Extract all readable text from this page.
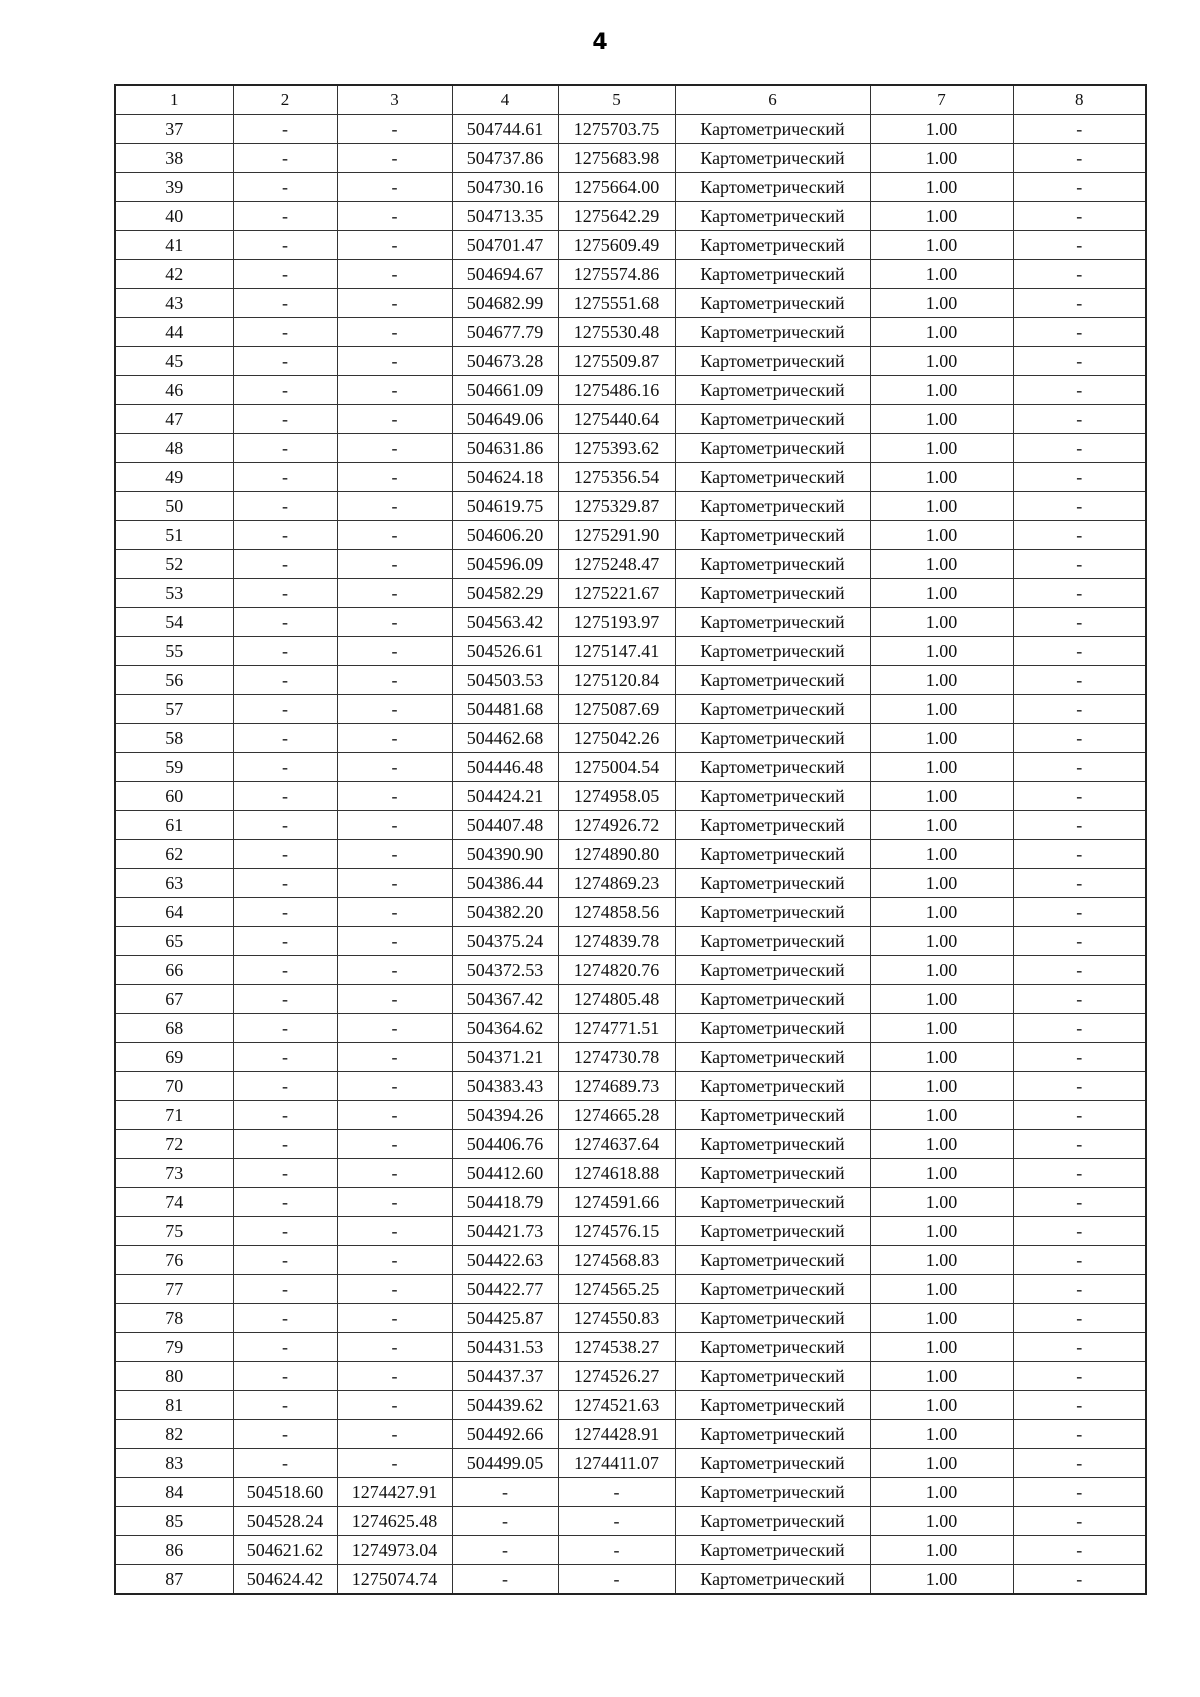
4
1	2	3	4	5	6	7	8
37	-	-	504744.61	1275703.75	Картометрический	1.00	-
38	-	-	504737.86	1275683.98	Картометрический	1.00	-
39	-	-	504730.16	1275664.00	Картометрический	1.00	-
40	-	-	504713.35	1275642.29	Картометрический	1.00	-
41	-	-	504701.47	1275609.49	Картометрический	1.00	-
42	-	-	504694.67	1275574.86	Картометрический	1.00	-
43	-	-	504682.99	1275551.68	Картометрический	1.00	-
44	-	-	504677.79	1275530.48	Картометрический	1.00	-
45	-	-	504673.28	1275509.87	Картометрический	1.00	-
46	-	-	504661.09	1275486.16	Картометрический	1.00	-
47	-	-	504649.06	1275440.64	Картометрический	1.00	-
48	-	-	504631.86	1275393.62	Картометрический	1.00	-
49	-	-	504624.18	1275356.54	Картометрический	1.00	-
50	-	-	504619.75	1275329.87	Картометрический	1.00	-
51	-	-	504606.20	1275291.90	Картометрический	1.00	-
52	-	-	504596.09	1275248.47	Картометрический	1.00	-
53	-	-	504582.29	1275221.67	Картометрический	1.00	-
54	-	-	504563.42	1275193.97	Картометрический	1.00	-
55	-	-	504526.61	1275147.41	Картометрический	1.00	-
56	-	-	504503.53	1275120.84	Картометрический	1.00	-
57	-	-	504481.68	1275087.69	Картометрический	1.00	-
58	-	-	504462.68	1275042.26	Картометрический	1.00	-
59	-	-	504446.48	1275004.54	Картометрический	1.00	-
60	-	-	504424.21	1274958.05	Картометрический	1.00	-
61	-	-	504407.48	1274926.72	Картометрический	1.00	-
62	-	-	504390.90	1274890.80	Картометрический	1.00	-
63	-	-	504386.44	1274869.23	Картометрический	1.00	-
64	-	-	504382.20	1274858.56	Картометрический	1.00	-
65	-	-	504375.24	1274839.78	Картометрический	1.00	-
66	-	-	504372.53	1274820.76	Картометрический	1.00	-
67	-	-	504367.42	1274805.48	Картометрический	1.00	-
68	-	-	504364.62	1274771.51	Картометрический	1.00	-
69	-	-	504371.21	1274730.78	Картометрический	1.00	-
70	-	-	504383.43	1274689.73	Картометрический	1.00	-
71	-	-	504394.26	1274665.28	Картометрический	1.00	-
72	-	-	504406.76	1274637.64	Картометрический	1.00	-
73	-	-	504412.60	1274618.88	Картометрический	1.00	-
74	-	-	504418.79	1274591.66	Картометрический	1.00	-
75	-	-	504421.73	1274576.15	Картометрический	1.00	-
76	-	-	504422.63	1274568.83	Картометрический	1.00	-
77	-	-	504422.77	1274565.25	Картометрический	1.00	-
78	-	-	504425.87	1274550.83	Картометрический	1.00	-
79	-	-	504431.53	1274538.27	Картометрический	1.00	-
80	-	-	504437.37	1274526.27	Картометрический	1.00	-
81	-	-	504439.62	1274521.63	Картометрический	1.00	-
82	-	-	504492.66	1274428.91	Картометрический	1.00	-
83	-	-	504499.05	1274411.07	Картометрический	1.00	-
84	504518.60	1274427.91	-	-	Картометрический	1.00	-
85	504528.24	1274625.48	-	-	Картометрический	1.00	-
86	504621.62	1274973.04	-	-	Картометрический	1.00	-
87	504624.42	1275074.74	-	-	Картометрический	1.00	-
